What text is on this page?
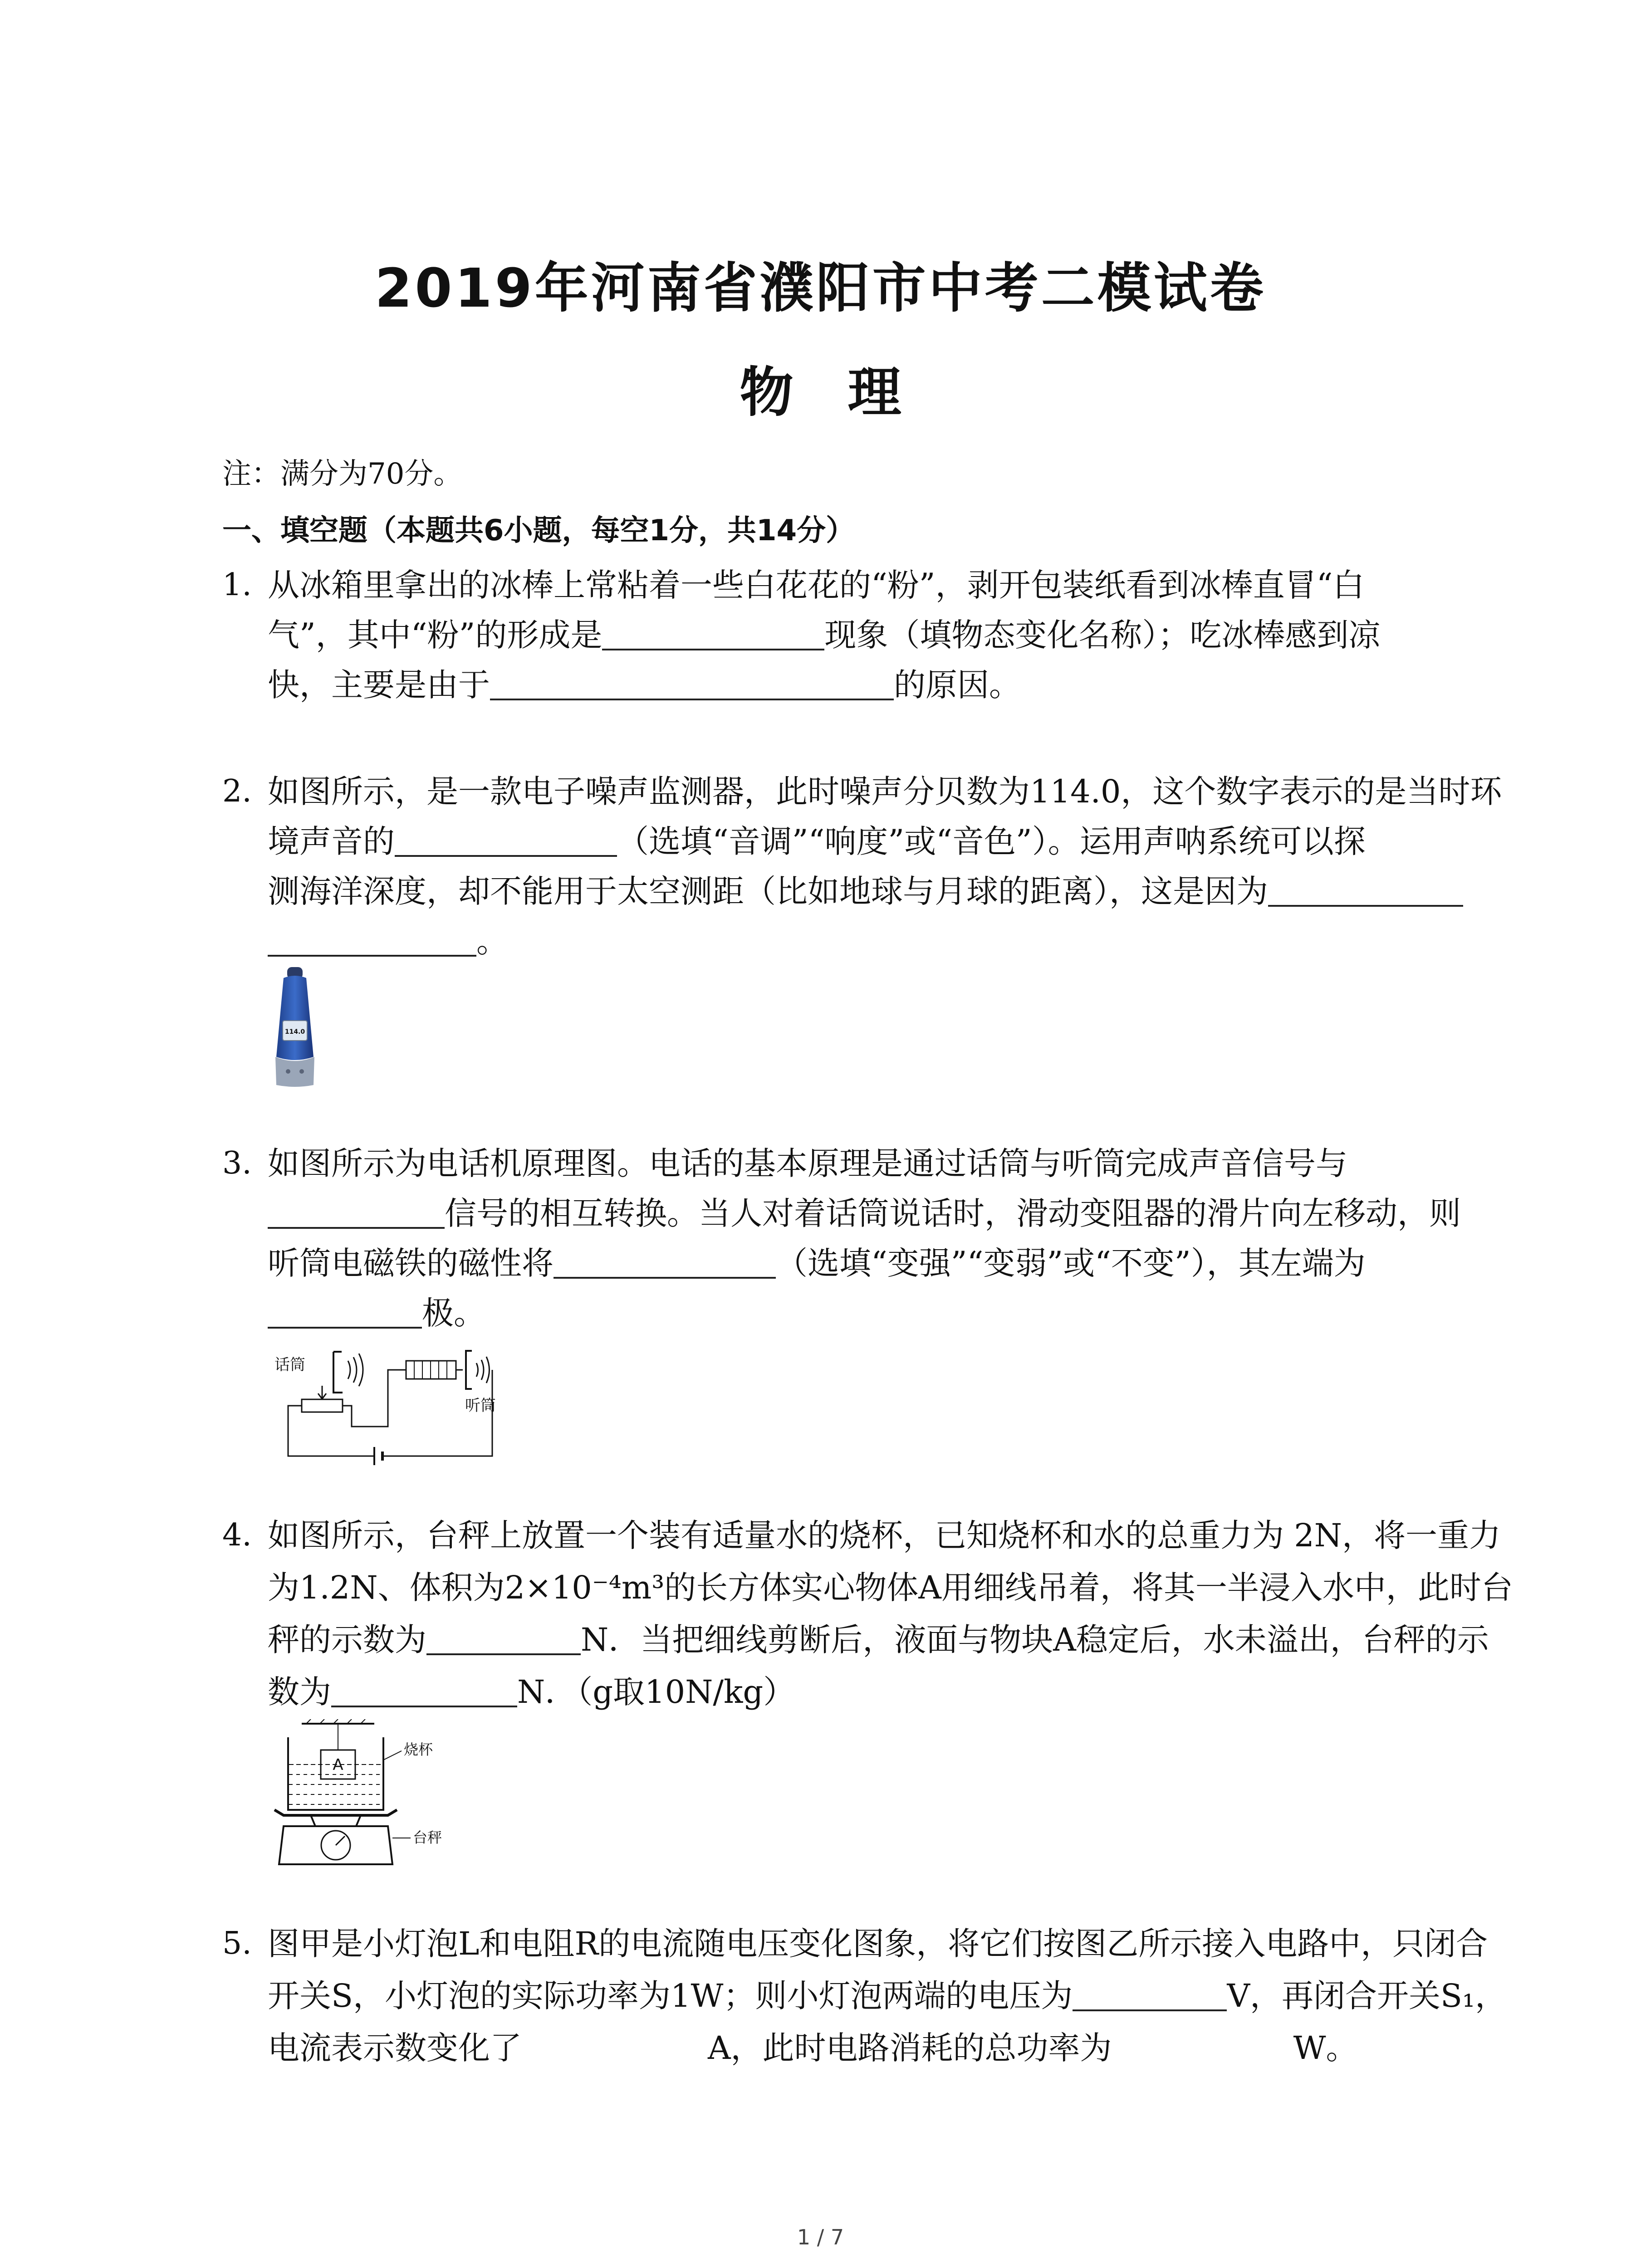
2019年河南省濮阳市中考二模试卷
物理
注：满分为70分。
一、填空题（本题共6小题，每空1分，共14分）
1. 从冰箱里拿出的冰棒上常粘着一些白花花的“粉”，剥开包装纸看到冰棒直冒“白
气”，其中“粉”的形成是	现象（填物态变化名称）；吃冰棒感到凉
快，主要是由于	的原因。
2. 如图所示，是一款电子噪声监测器，此时噪声分贝数为114.0，这个数字表示的是当时环
境声音的	（选填“音调”“响度”或“音色”）。运用声呐系统可以探
测海洋深度，却不能用于太空测距（比如地球与月球的距离），这是因为
。
114.0
3. 如图所示为电话机原理图。电话的基本原理是通过话筒与听筒完成声音信号与
信号的相互转换。当人对着话筒说话时，滑动变阻器的滑片向左移动，则
听筒电磁铁的磁性将	（选填“变强”“变弱”或“不变”），其左端为
极。
话筒
听筒
4. 如图所示，台秤上放置一个装有适量水的烧杯，已知烧杯和水的总重力为 2N，将一重力
为1.2N、体积为2×10⁻⁴m³的长方体实心物体A用细线吊着，将其一半浸入水中，此时台
秤的示数为	N．当把细线剪断后，液面与物块A稳定后，水未溢出，台秤的示
数为	N．（g取10N/kg）
A
烧杯
台秤
5. 图甲是小灯泡L和电阻R的电流随电压变化图象，将它们按图乙所示接入电路中，只闭合
开关S，小灯泡的实际功率为1W；则小灯泡两端的电压为	V，再闭合开关S₁，
电流表示数变化了	A，此时电路消耗的总功率为	W。
1 / 7
